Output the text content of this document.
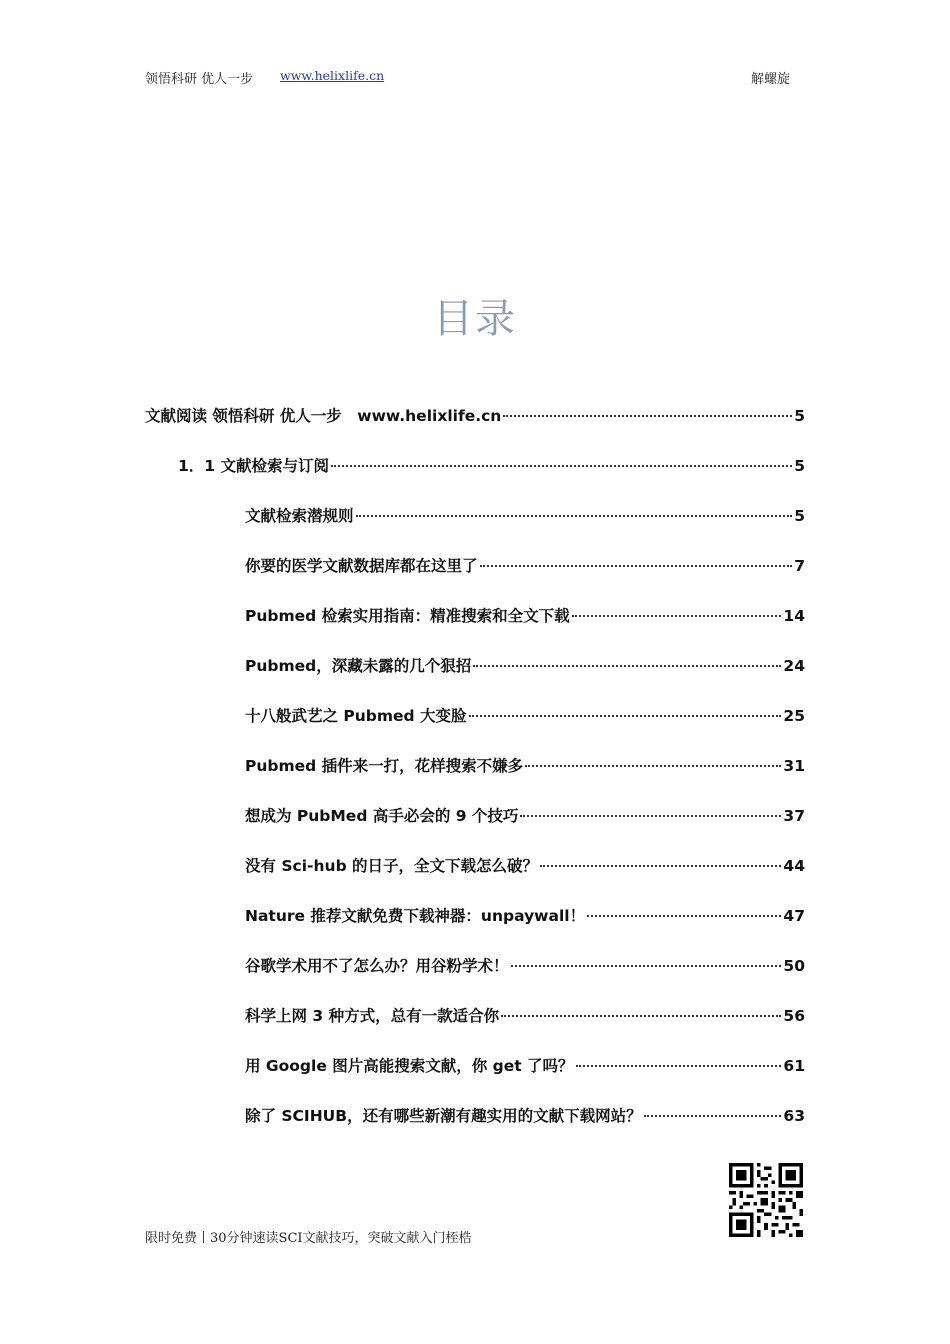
领悟科研 优人一步 www.helixlife.cn	解螺旋
目录
文献阅读 领悟科研 优人一步　www.helixlife.cn	5
1．1 文献检索与订阅	5
文献检索潜规则	5
你要的医学文献数据库都在这里了	7
Pubmed 检索实用指南：精准搜索和全文下载	14
Pubmed，深藏未露的几个狠招	24
十八般武艺之 Pubmed 大变脸	25
Pubmed 插件来一打，花样搜索不嫌多	31
想成为 PubMed 高手必会的 9 个技巧	37
没有 Sci-hub 的日子，全文下载怎么破？	44
Nature 推荐文献免费下载神器：unpaywall！	47
谷歌学术用不了怎么办？用谷粉学术！	50
科学上网 3 种方式，总有一款适合你	56
用 Google 图片高能搜索文献，你 get 了吗？	61
除了 SCIHUB，还有哪些新潮有趣实用的文献下载网站？	63
限时免费丨30分钟速读SCI文献技巧，突破文献入门桎梏
